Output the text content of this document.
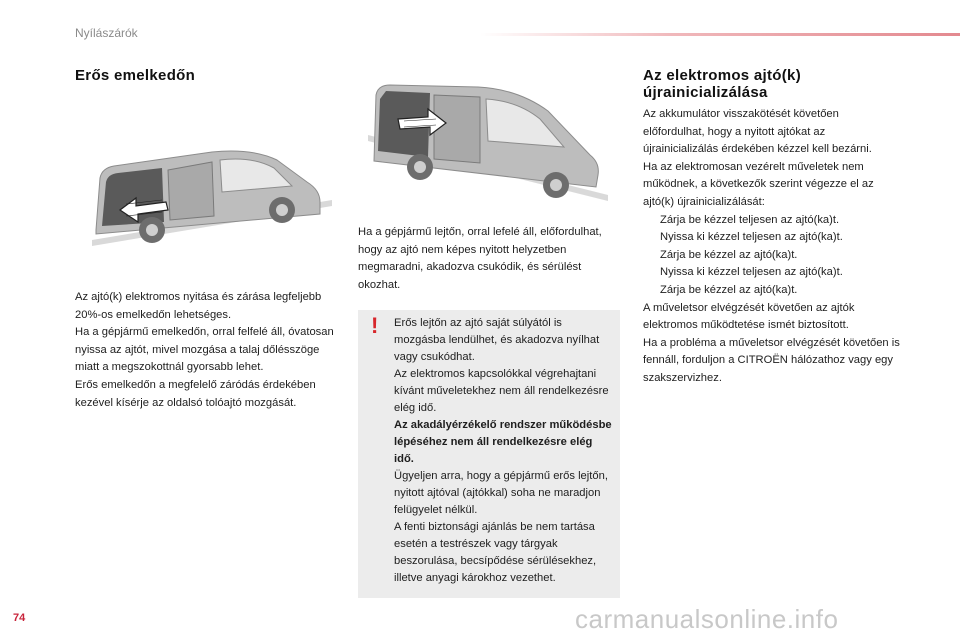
Nyílászárók
Erős emelkedőn

Az ajtó(k) elektromos nyitása és zárása legfeljebb 20%-os emelkedőn lehetséges.

Ha a gépjármű emelkedőn, orral felfelé áll, óvatosan nyissa az ajtót, mivel mozgása a talaj dőlésszöge miatt a megszokottnál gyorsabb lehet.

Erős emelkedőn a megfelelő záródás érdekében kezével kísérje az oldalsó tolóajtó mozgását.

Ha a gépjármű lejtőn, orral lefelé áll, előfordulhat, hogy az ajtó nem képes nyitott helyzetben megmaradni, akadozva csukódik, és sérülést okozhat.

! Erős lejtőn az ajtó saját súlyától is mozgásba lendülhet, és akadozva nyílhat vagy csukódhat.

Az elektromos kapcsolókkal végrehajtani kívánt műveletekhez nem áll rendelkezésre elég idő.

Az akadályérzékelő rendszer működésbe lépéséhez nem áll rendelkezésre elég idő.

Ügyeljen arra, hogy a gépjármű erős lejtőn, nyitott ajtóval (ajtókkal) soha ne maradjon felügyelet nélkül.

A fenti biztonsági ajánlás be nem tartása esetén a testrészek vagy tárgyak beszorulása, becsípődése sérülésekhez, illetve anyagi károkhoz vezethet.

Az elektromos ajtó(k)
újrainicializálása

Az akkumulátor visszakötését követően előfordulhat, hogy a nyitott ajtókat az újrainicializálás érdekében kézzel kell bezárni.

Ha az elektromosan vezérelt műveletek nem működnek, a következők szerint végezze el az ajtó(k) újrainicializálását:

Zárja be kézzel teljesen az ajtó(ka)t.
Nyissa ki kézzel teljesen az ajtó(ka)t.
Zárja be kézzel az ajtó(ka)t.
Nyissa ki kézzel teljesen az ajtó(ka)t.
Zárja be kézzel az ajtó(ka)t.

A műveletsor elvégzését követően az ajtók elektromos működtetése ismét biztosított.

Ha a probléma a műveletsor elvégzését követően is fennáll, forduljon a CITROËN hálózathoz vagy egy szakszervizhez.

74	carmanualsonline.info
